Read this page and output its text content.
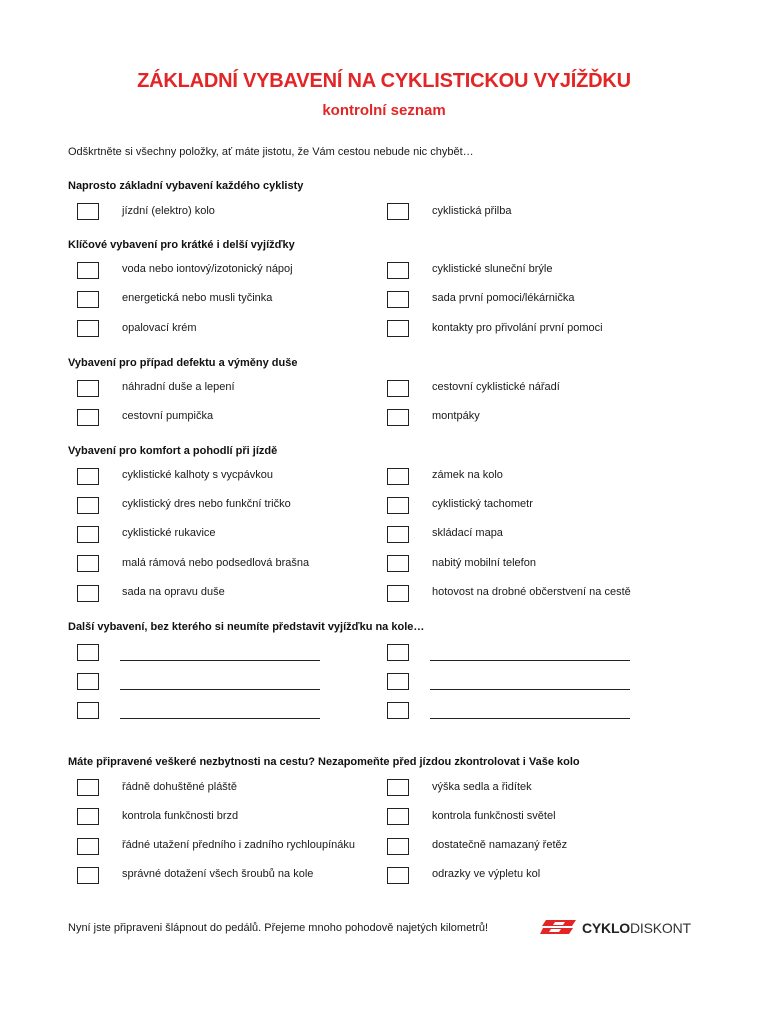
ZÁKLADNÍ VYBAVENÍ NA CYKLISTICKOU VYJÍŽĎKU
kontrolní seznam
Odškrtněte si všechny položky, ať máte jistotu, že Vám cestou nebude nic chybět…
Naprosto základní vybavení každého cyklisty
jízdní (elektro) kolo	cyklistická přilba
Klíčové vybavení pro krátké i delší vyjížďky
voda nebo iontový/izotonický nápoj	cyklistické sluneční brýle
energetická nebo musli tyčinka	sada první pomoci/lékárnička
opalovací krém	kontakty pro přivolání první pomoci
Vybavení pro případ defektu a výměny duše
náhradní duše a lepení	cestovní cyklistické nářadí
cestovní pumpička	montpáky
Vybavení pro komfort a pohodlí při jízdě
cyklistické kalhoty s vycpávkou	zámek na kolo
cyklistický dres nebo funkční tričko	cyklistický tachometr
cyklistické rukavice	skládací mapa
malá rámová nebo podsedlová brašna	nabitý mobilní telefon
sada na opravu duše	hotovost na drobné občerstvení na cestě
Další vybavení, bez kterého si neumíte představit vyjížďku na kole…
Máte připravené veškeré nezbytnosti na cestu? Nezapomeňte před jízdou zkontrolovat i Vaše kolo
řádně dohuštěné pláště	výška sedla a řidítek
kontrola funkčnosti brzd	kontrola funkčnosti světel
řádné utažení předního i zadního rychloupínáku	dostatečně namazaný řetěz
správné dotažení všech šroubů na kole	odrazky ve výpletu kol
Nyní jste připraveni šlápnout do pedálů. Přejeme mnoho pohodově najetých kilometrů!	CYKLODISKONT
